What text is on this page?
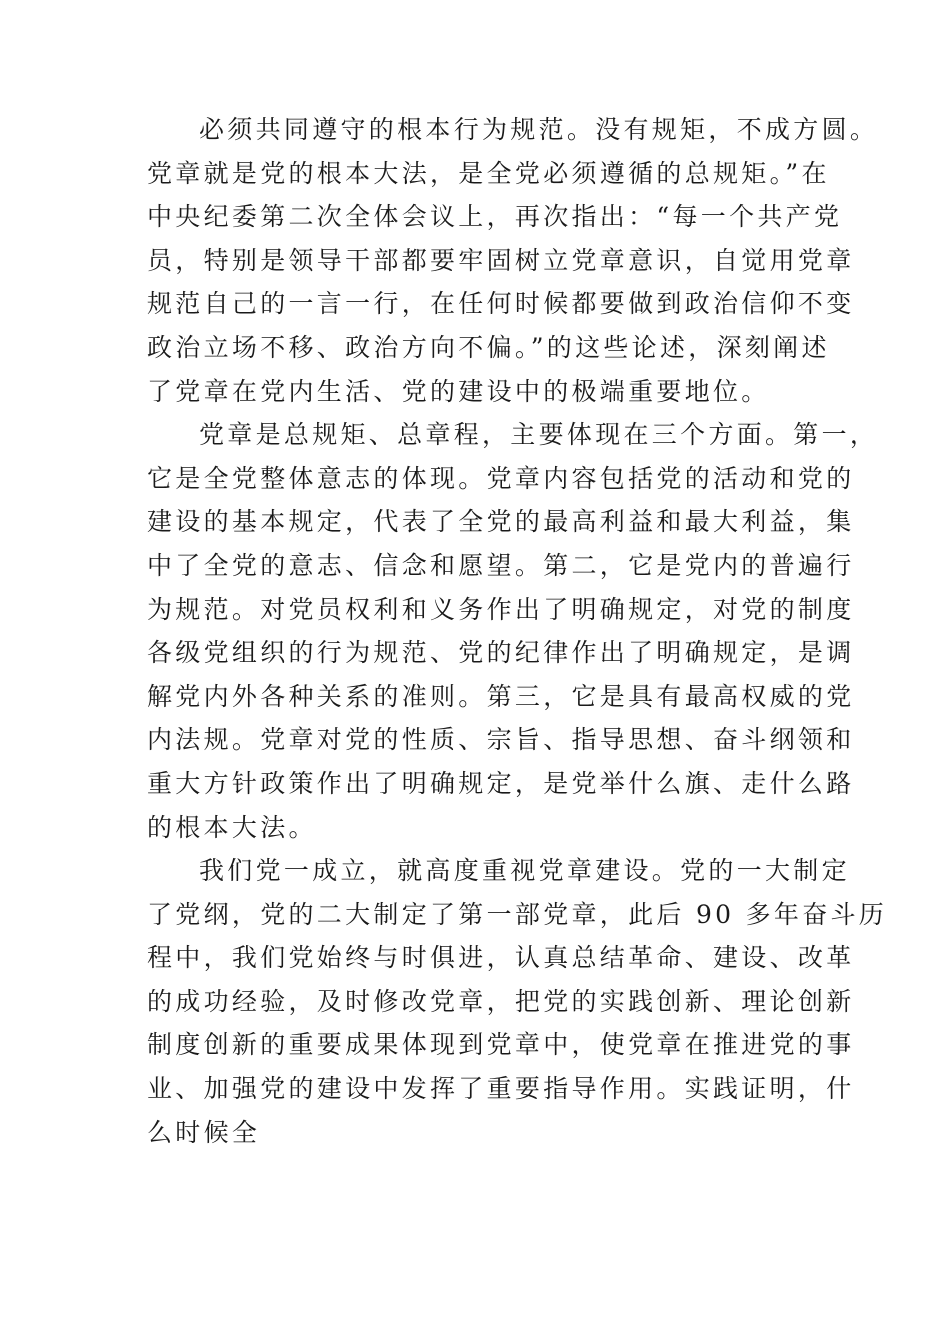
必须共同遵守的根本行为规范。没有规矩，不成方圆。
党章就是党的根本大法，是全党必须遵循的总规矩。”在
中央纪委第二次全体会议上，再次指出：“每一个共产党
员，特别是领导干部都要牢固树立党章意识，自觉用党章
规范自己的一言一行，在任何时候都要做到政治信仰不变
政治立场不移、政治方向不偏。”的这些论述，深刻阐述
了党章在党内生活、党的建设中的极端重要地位。
党章是总规矩、总章程，主要体现在三个方面。第一，
它是全党整体意志的体现。党章内容包括党的活动和党的
建设的基本规定，代表了全党的最高利益和最大利益，集
中了全党的意志、信念和愿望。第二，它是党内的普遍行
为规范。对党员权利和义务作出了明确规定，对党的制度
各级党组织的行为规范、党的纪律作出了明确规定，是调
解党内外各种关系的准则。第三，它是具有最高权威的党
内法规。党章对党的性质、宗旨、指导思想、奋斗纲领和
重大方针政策作出了明确规定，是党举什么旗、走什么路
的根本大法。
我们党一成立，就高度重视党章建设。党的一大制定
了党纲，党的二大制定了第一部党章，此后 90 多年奋斗历
程中，我们党始终与时俱进，认真总结革命、建设、改革
的成功经验，及时修改党章，把党的实践创新、理论创新
制度创新的重要成果体现到党章中，使党章在推进党的事
业、加强党的建设中发挥了重要指导作用。实践证明，什
么时候全
